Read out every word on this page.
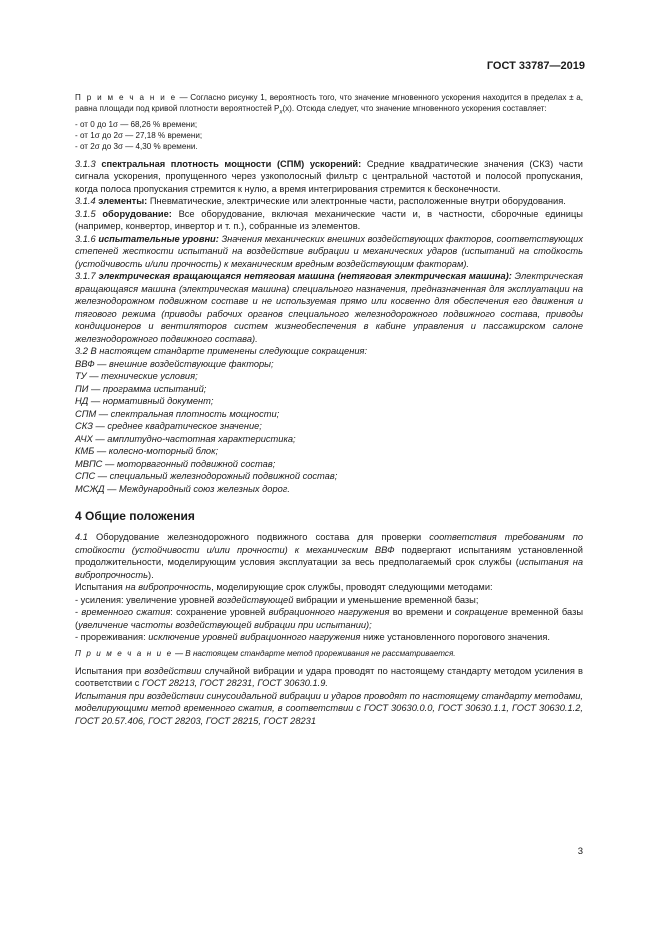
ГОСТ 33787—2019
П р и м е ч а н и е — Согласно рисунку 1, вероятность того, что значение мгновенного ускорения находится в пределах ± a, равна площади под кривой плотности вероятностей $P_x(x)$. Отсюда следует, что значение мгновенного ускорения составляет:
- от 0 до 1σ — 68,26 % времени;
- от 1σ до 2σ — 27,18 % времени;
- от 2σ до 3σ — 4,30 % времени.

3.1.3 спектральная плотность мощности (СПМ) ускорений: Средние квадратические значения (СКЗ) части сигнала ускорения, пропущенного через узкополосный фильтр с центральной частотой и полосой пропускания, когда полоса пропускания стремится к нулю, а время интегрирования стремится к бесконечности.

3.1.4 элементы: Пневматические, электрические или электронные части, расположенные внутри оборудования.

3.1.5 оборудование: Все оборудование, включая механические части и, в частности, сборочные единицы (например, конвертор, инвертор и т. п.), собранные из элементов.

3.1.6 испытательные уровни: Значения механических внешних воздействующих факторов, соответствующих степеней жесткости испытаний на воздействие вибрации и механических ударов (испытаний на стойкость (устойчивость и/или прочность) к механическим вредным воздействующим факторам).

3.1.7 электрическая вращающаяся нетяговая машина (нетяговая электрическая машина): Электрическая вращающаяся машина (электрическая машина) специального назначения, предназначенная для эксплуатации на железнодорожном подвижном составе и не используемая прямо или косвенно для обеспечения его движения и тягового режима (приводы рабочих органов специального железнодорожного подвижного состава, приводы кондиционеров и вентиляторов систем жизнеобеспечения в кабине управления и пассажирском салоне железнодорожного подвижного состава).

3.2 В настоящем стандарте применены следующие сокращения:

ВВФ — внешние воздействующие факторы;
ТУ — технические условия;
ПИ — программа испытаний;
НД — нормативный документ;
СПМ — спектральная плотность мощности;
СКЗ — среднее квадратическое значение;
АЧХ — амплитудно-частотная характеристика;
КМБ — колесно-моторный блок;
МВПС — моторвагонный подвижной состав;
СПС — специальный железнодорожный подвижной состав;
МСЖД — Международный союз железных дорог.
4 Общие положения

4.1 Оборудование железнодорожного подвижного состава для проверки соответствия требованиям по стойкости (устойчивости и/или прочности) к механическим ВВФ подвергают испытаниям установленной продолжительности, моделирующим условия эксплуатации за весь предполагаемый срок службы (испытания на вибропрочность).

Испытания на вибропрочность, моделирующие срок службы, проводят следующими методами:

- усиления: увеличение уровней воздействующей вибрации и уменьшение временной базы;

- временного сжатия: сохранение уровней вибрационного нагружения во времени и сокращение временной базы (увеличение частоты воздействующей вибрации при испытании);

- прореживания: исключение уровней вибрационного нагружения ниже установленного порогового значения.

П р и м е ч а н и е — В настоящем стандарте метод прореживания не рассматривается.

Испытания при воздействии случайной вибрации и удара проводят по настоящему стандарту методом усиления в соответствии с ГОСТ 28213, ГОСТ 28231, ГОСТ 30630.1.9.

Испытания при воздействии синусоидальной вибрации и ударов проводят по настоящему стандарту методами, моделирующими метод временного сжатия, в соответствии с ГОСТ 30630.0.0, ГОСТ 30630.1.1, ГОСТ 30630.1.2, ГОСТ 20.57.406, ГОСТ 28203, ГОСТ 28215, ГОСТ 28231

3
